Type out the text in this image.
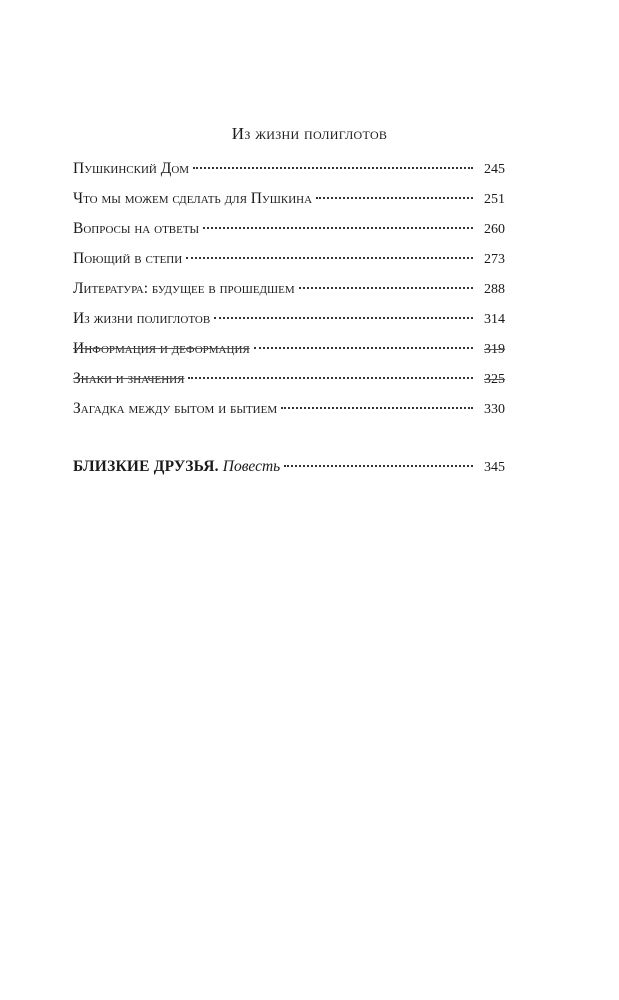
Из жизни полиглотов
Пушкинский Дом	245
Что мы можем сделать для Пушкина	251
Вопросы на ответы	260
Поющий в степи	273
Литература: будущее в прошедшем	288
Из жизни полиглотов	314
Информация и деформация	319
Знаки и значения	325
Загадка между бытом и бытием	330
БЛИЗКИЕ ДРУЗЬЯ. Повесть	345
